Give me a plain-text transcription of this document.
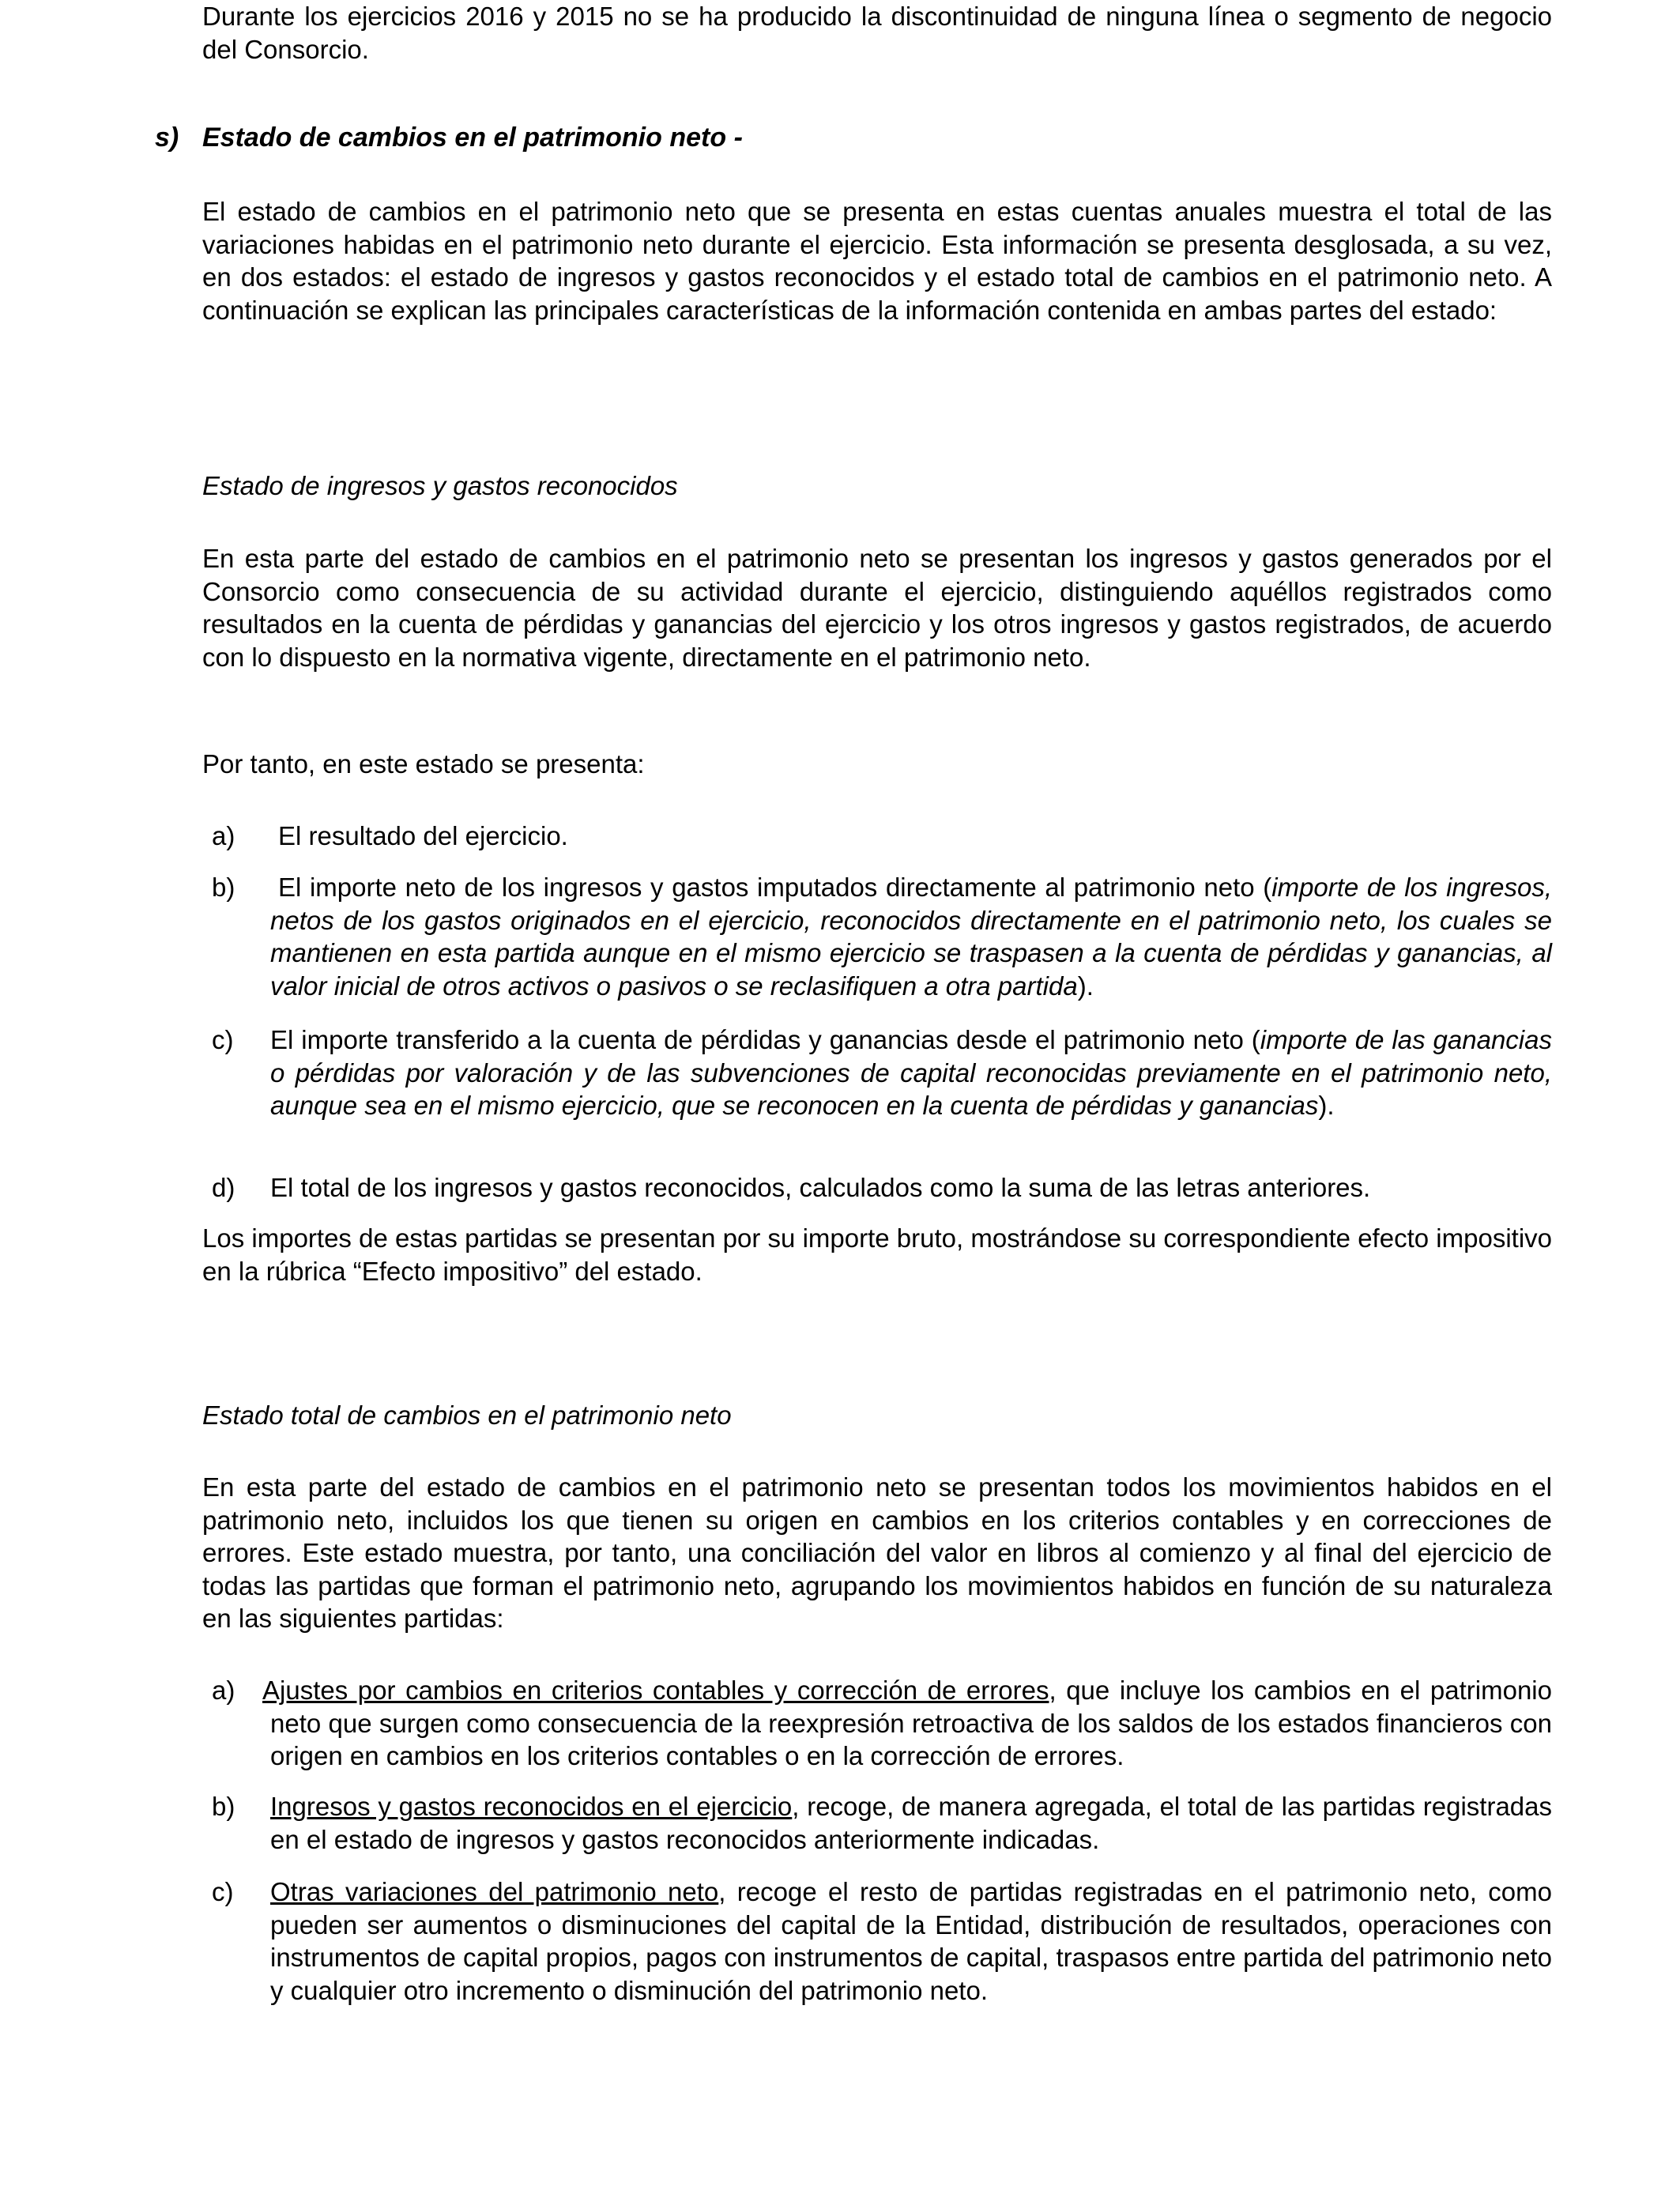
Durante los ejercicios 2016 y 2015 no se ha producido la discontinuidad de ninguna línea o segmento de negocio del Consorcio.

s) Estado de cambios en el patrimonio neto -

El estado de cambios en el patrimonio neto que se presenta en estas cuentas anuales muestra el total de las variaciones habidas en el patrimonio neto durante el ejercicio. Esta información se presenta desglosada, a su vez, en dos estados: el estado de ingresos y gastos reconocidos y el estado total de cambios en el patrimonio neto. A continuación se explican las principales características de la información contenida en ambas partes del estado:

Estado de ingresos y gastos reconocidos

En esta parte del estado de cambios en el patrimonio neto se presentan los ingresos y gastos generados por el Consorcio como consecuencia de su actividad durante el ejercicio, distinguiendo aquéllos registrados como resultados en la cuenta de pérdidas y ganancias del ejercicio y los otros ingresos y gastos registrados, de acuerdo con lo dispuesto en la normativa vigente, directamente en el patrimonio neto.

Por tanto, en este estado se presenta:

a) El resultado del ejercicio.
b)	El importe neto de los ingresos y gastos imputados directamente al patrimonio neto (importe de los ingresos, netos de los gastos originados en el ejercicio, reconocidos directamente en el patrimonio neto, los cuales se mantienen en esta partida aunque en el mismo ejercicio se traspasen a la cuenta de pérdidas y ganancias, al valor inicial de otros activos o pasivos o se reclasifiquen a otra partida).
c) El importe transferido a la cuenta de pérdidas y ganancias desde el patrimonio neto (importe de las ganancias o pérdidas por valoración y de las subvenciones de capital reconocidas previamente en el patrimonio neto, aunque sea en el mismo ejercicio, que se reconocen en la cuenta de pérdidas y ganancias).
d) El total de los ingresos y gastos reconocidos, calculados como la suma de las letras anteriores.

Los importes de estas partidas se presentan por su importe bruto, mostrándose su correspondiente efecto impositivo en la rúbrica “Efecto impositivo” del estado.

Estado total de cambios en el patrimonio neto

En esta parte del estado de cambios en el patrimonio neto se presentan todos los movimientos habidos en el patrimonio neto, incluidos los que tienen su origen en cambios en los criterios contables y en correcciones de errores. Este estado muestra, por tanto, una conciliación del valor en libros al comienzo y al final del ejercicio de todas las partidas que forman el patrimonio neto, agrupando los movimientos habidos en función de su naturaleza en las siguientes partidas:

a) Ajustes por cambios en criterios contables y corrección de errores, que incluye los cambios en el patrimonio neto que surgen como consecuencia de la reexpresión retroactiva de los saldos de los estados financieros con origen en cambios en los criterios contables o en la corrección de errores.
b) Ingresos y gastos reconocidos en el ejercicio, recoge, de manera agregada, el total de las partidas registradas en el estado de ingresos y gastos reconocidos anteriormente indicadas.
c) Otras variaciones del patrimonio neto, recoge el resto de partidas registradas en el patrimonio neto, como pueden ser aumentos o disminuciones del capital de la Entidad, distribución de resultados, operaciones con instrumentos de capital propios, pagos con instrumentos de capital, traspasos entre partida del patrimonio neto y cualquier otro incremento o disminución del patrimonio neto.
